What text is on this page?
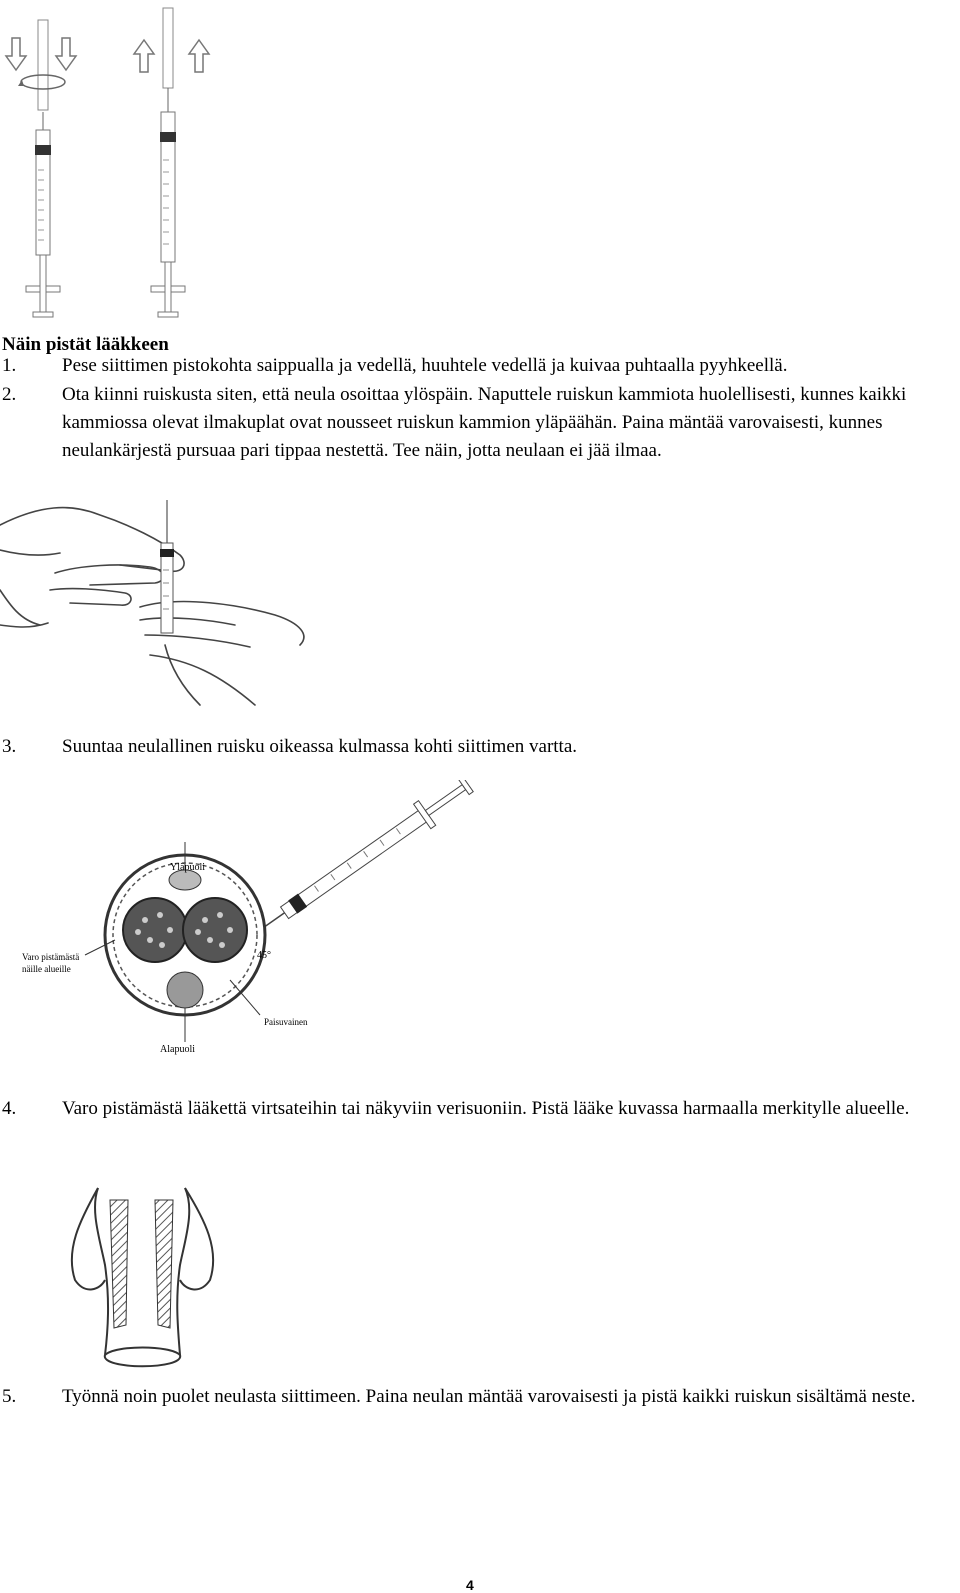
Näin pistät lääkkeen
1. Pese siittimen pistokohta saippualla ja vedellä, huuhtele vedellä ja kuivaa puhtaalla pyyhkeellä.
2. Ota kiinni ruiskusta siten, että neula osoittaa ylöspäin. Naputtele ruiskun kammiota huolellisesti, kunnes kaikki kammiossa olevat ilmakuplat ovat nousseet ruiskun kammion yläpäähän. Paina mäntää varovaisesti, kunnes neulankärjestä pursuaa pari tippaa nestettä. Tee näin, jotta neulaan ei jää ilmaa.
3. Suuntaa neulallinen ruisku oikeassa kulmassa kohti siittimen vartta.
Yläpuoli
Varo pistämästä
näille alueille
45°
Paisuvainen
Alapuoli
4. Varo pistämästä lääkettä virtsateihin tai näkyviin verisuoniin. Pistä lääke kuvassa harmaalla merkitylle alueelle.
5. Työnnä noin puolet neulasta siittimeen. Paina neulan mäntää varovaisesti ja pistä kaikki ruiskun sisältämä neste.
4
